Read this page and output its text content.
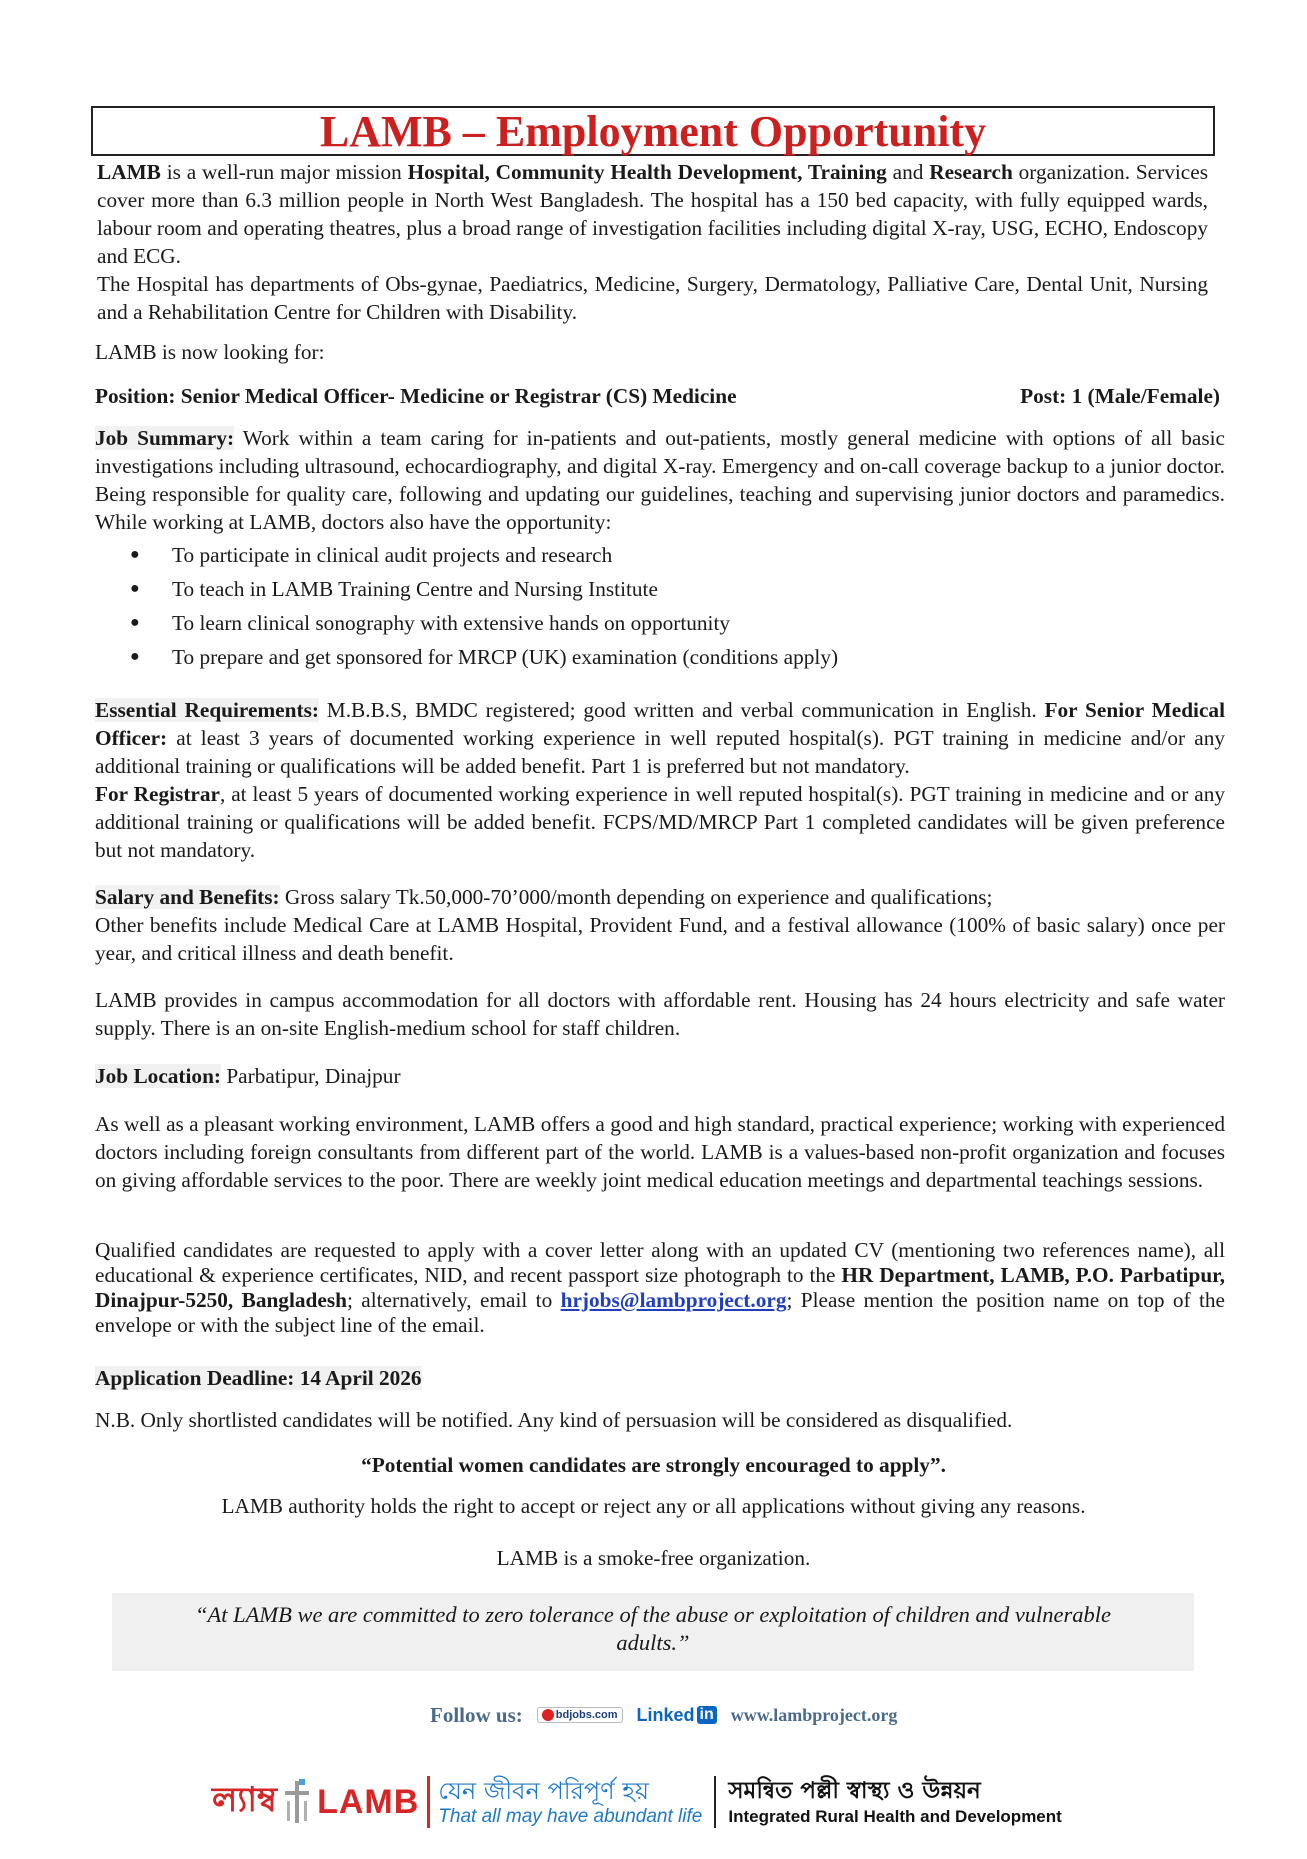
LAMB – Employment Opportunity

LAMB is a well-run major mission Hospital, Community Health Development, Training and Research organization. Services cover more than 6.3 million people in North West Bangladesh. The hospital has a 150 bed capacity, with fully equipped wards, labour room and operating theatres, plus a broad range of investigation facilities including digital X-ray, USG, ECHO, Endoscopy and ECG.

The Hospital has departments of Obs-gynae, Paediatrics, Medicine, Surgery, Dermatology, Palliative Care, Dental Unit, Nursing and a Rehabilitation Centre for Children with Disability.

LAMB is now looking for:

Position: Senior Medical Officer- Medicine or Registrar (CS) Medicine	Post: 1 (Male/Female)

Job Summary: Work within a team caring for in-patients and out-patients, mostly general medicine with options of all basic investigations including ultrasound, echocardiography, and digital X-ray. Emergency and on-call coverage backup to a junior doctor. Being responsible for quality care, following and updating our guidelines, teaching and supervising junior doctors and paramedics. While working at LAMB, doctors also have the opportunity:

● To participate in clinical audit projects and research
● To teach in LAMB Training Centre and Nursing Institute
● To learn clinical sonography with extensive hands on opportunity
● To prepare and get sponsored for MRCP (UK) examination (conditions apply)

Essential Requirements: M.B.B.S, BMDC registered; good written and verbal communication in English. For Senior Medical Officer: at least 3 years of documented working experience in well reputed hospital(s). PGT training in medicine and/or any additional training or qualifications will be added benefit. Part 1 is preferred but not mandatory.
For Registrar, at least 5 years of documented working experience in well reputed hospital(s). PGT training in medicine and or any additional training or qualifications will be added benefit. FCPS/MD/MRCP Part 1 completed candidates will be given preference but not mandatory.

Salary and Benefits: Gross salary Tk.50,000-70’000/month depending on experience and qualifications;
Other benefits include Medical Care at LAMB Hospital, Provident Fund, and a festival allowance (100% of basic salary) once per year, and critical illness and death benefit.

LAMB provides in campus accommodation for all doctors with affordable rent. Housing has 24 hours electricity and safe water supply. There is an on-site English-medium school for staff children.

Job Location: Parbatipur, Dinajpur

As well as a pleasant working environment, LAMB offers a good and high standard, practical experience; working with experienced doctors including foreign consultants from different part of the world. LAMB is a values-based non-profit organization and focuses on giving affordable services to the poor. There are weekly joint medical education meetings and departmental teachings sessions.

Qualified candidates are requested to apply with a cover letter along with an updated CV (mentioning two references name), all educational & experience certificates, NID, and recent passport size photograph to the HR Department, LAMB, P.O. Parbatipur, Dinajpur-5250, Bangladesh; alternatively, email to hrjobs@lambproject.org; Please mention the position name on top of the envelope or with the subject line of the email.

Application Deadline: 14 April 2026

N.B. Only shortlisted candidates will be notified. Any kind of persuasion will be considered as disqualified.

“Potential women candidates are strongly encouraged to apply”.

LAMB authority holds the right to accept or reject any or all applications without giving any reasons.

LAMB is a smoke-free organization.

“At LAMB we are committed to zero tolerance of the abuse or exploitation of children and vulnerable adults.”
Follow us:	bdjobs.com Linked in www.lambproject.org
ল্যাম্ব LAMB যেন জীবন পরিপূর্ণ হয়
That all may have abundant life
সমন্বিত পল্লী স্বাস্থ্য ও উন্নয়ন
Integrated Rural Health and Development
